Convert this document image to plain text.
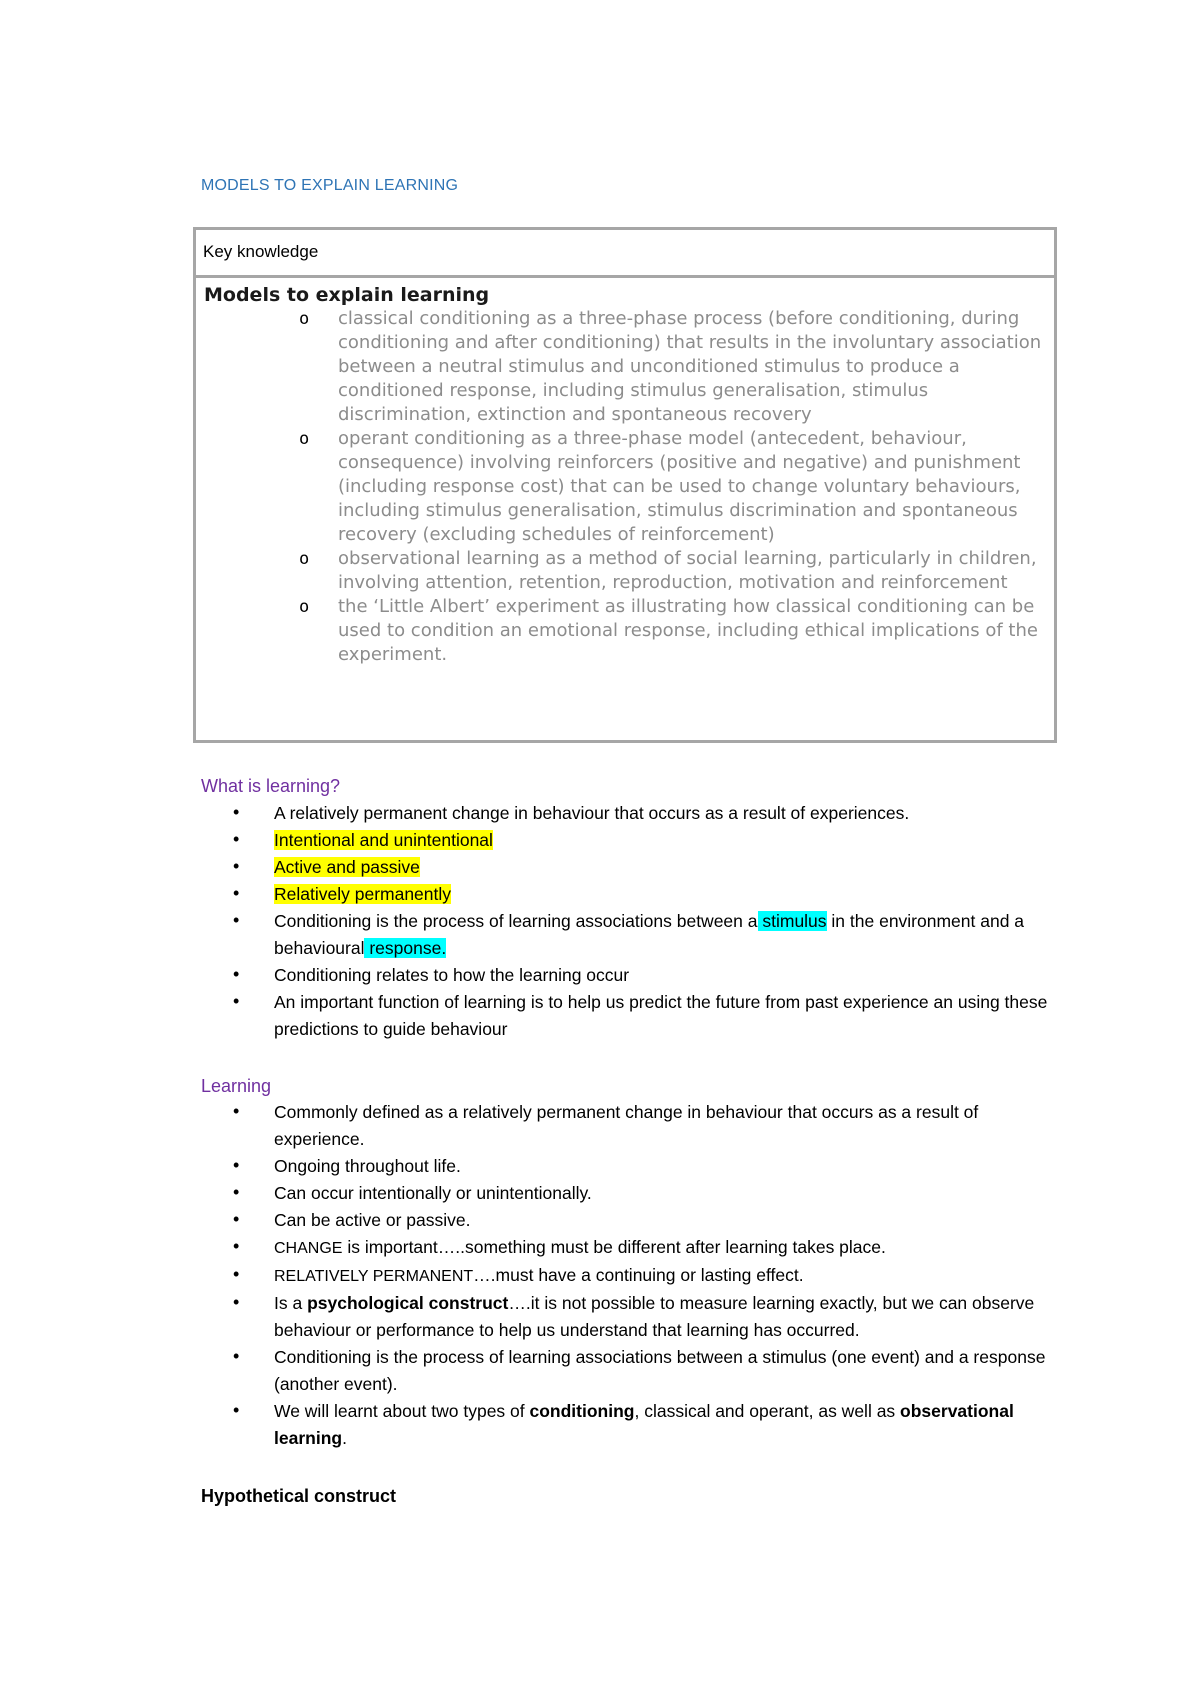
MODELS TO EXPLAIN LEARNING
Key knowledge
Models to explain learning
o classical conditioning as a three-phase process (before conditioning, during conditioning and after conditioning) that results in the involuntary association between a neutral stimulus and unconditioned stimulus to produce a conditioned response, including stimulus generalisation, stimulus discrimination, extinction and spontaneous recovery
o operant conditioning as a three-phase model (antecedent, behaviour, consequence) involving reinforcers (positive and negative) and punishment (including response cost) that can be used to change voluntary behaviours, including stimulus generalisation, stimulus discrimination and spontaneous recovery (excluding schedules of reinforcement)
o observational learning as a method of social learning, particularly in children, involving attention, retention, reproduction, motivation and reinforcement
o the ‘Little Albert’ experiment as illustrating how classical conditioning can be used to condition an emotional response, including ethical implications of the experiment.
What is learning?
• A relatively permanent change in behaviour that occurs as a result of experiences.
• Intentional and unintentional
• Active and passive
• Relatively permanently
• Conditioning is the process of learning associations between a stimulus in the environment and a behavioural response.
• Conditioning relates to how the learning occur
• An important function of learning is to help us predict the future from past experience an using these predictions to guide behaviour
Learning
• Commonly defined as a relatively permanent change in behaviour that occurs as a result of experience.
• Ongoing throughout life.
• Can occur intentionally or unintentionally.
• Can be active or passive.
• CHANGE is important…..something must be different after learning takes place.
• RELATIVELY PERMANENT….must have a continuing or lasting effect.
• Is a psychological construct….it is not possible to measure learning exactly, but we can observe behaviour or performance to help us understand that learning has occurred.
• Conditioning is the process of learning associations between a stimulus (one event) and a response (another event).
• We will learnt about two types of conditioning, classical and operant, as well as observational learning.
Hypothetical construct
